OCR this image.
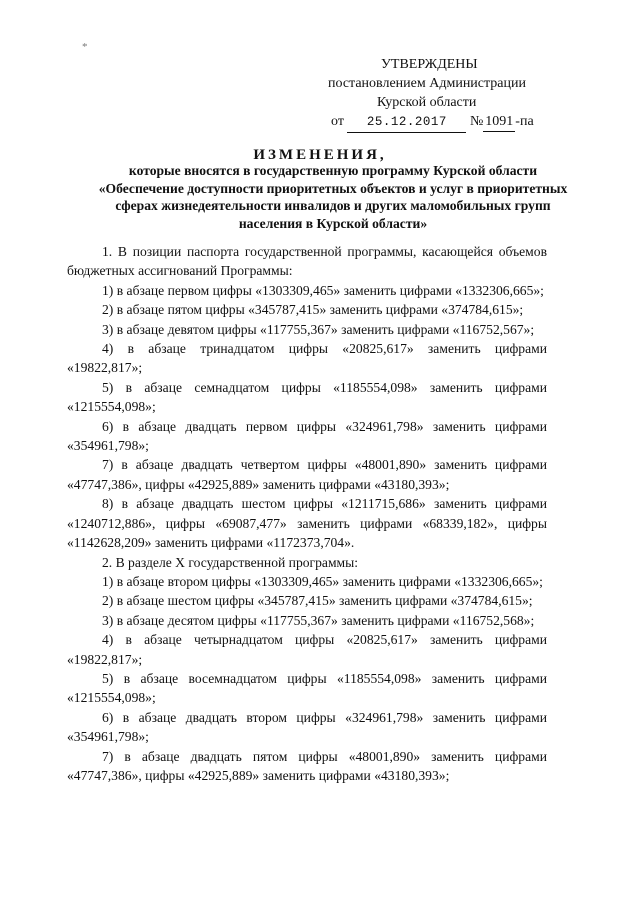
*
УТВЕРЖДЕНЫ
постановлением Администрации
Курской области
от 25.12.2017 № 1091 -па
ИЗМЕНЕНИЯ,
которые вносятся в государственную программу Курской области «Обеспечение доступности приоритетных объектов и услуг в приоритетных сферах жизнедеятельности инвалидов и других маломобильных групп населения в Курской области»

1. В позиции паспорта государственной программы, касающейся объемов бюджетных ассигнований Программы:

1) в абзаце первом цифры «1303309,465» заменить цифрами «1332306,665»;

2) в абзаце пятом цифры «345787,415» заменить цифрами «374784,615»;

3) в абзаце девятом цифры «117755,367» заменить цифрами «116752,567»;

4) в абзаце тринадцатом цифры «20825,617» заменить цифрами «19822,817»;

5) в абзаце семнадцатом цифры «1185554,098» заменить цифрами «1215554,098»;

6) в абзаце двадцать первом цифры «324961,798» заменить цифрами «354961,798»;

7) в абзаце двадцать четвертом цифры «48001,890» заменить цифрами «47747,386», цифры «42925,889» заменить цифрами «43180,393»;

8) в абзаце двадцать шестом цифры «1211715,686» заменить цифрами «1240712,886», цифры «69087,477» заменить цифрами «68339,182», цифры «1142628,209» заменить цифрами «1172373,704».

2. В разделе X государственной программы:

1) в абзаце втором цифры «1303309,465» заменить цифрами «1332306,665»;

2) в абзаце шестом цифры «345787,415» заменить цифрами «374784,615»;

3) в абзаце десятом цифры «117755,367» заменить цифрами «116752,568»;

4) в абзаце четырнадцатом цифры «20825,617» заменить цифрами «19822,817»;

5) в абзаце восемнадцатом цифры «1185554,098» заменить цифрами «1215554,098»;

6) в абзаце двадцать втором цифры «324961,798» заменить цифрами «354961,798»;

7) в абзаце двадцать пятом цифры «48001,890» заменить цифрами «47747,386», цифры «42925,889» заменить цифрами «43180,393»;
